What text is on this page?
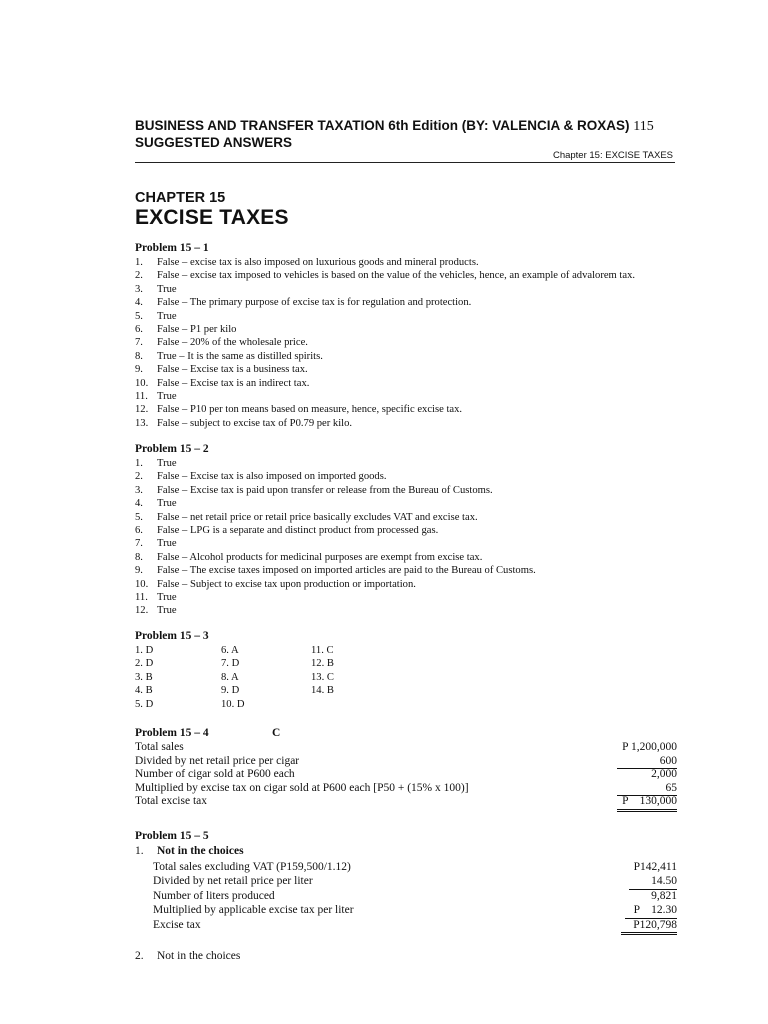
BUSINESS AND TRANSFER TAXATION 6th Edition (BY: VALENCIA & ROXAS) 115
SUGGESTED ANSWERS
Chapter 15: EXCISE TAXES
CHAPTER 15
EXCISE TAXES
Problem 15 – 1
1. False – excise tax is also imposed on luxurious goods and mineral products.
2. False – excise tax imposed to vehicles is based on the value of the vehicles, hence, an example of advalorem tax.
3. True
4. False – The primary purpose of excise tax is for regulation and protection.
5. True
6. False – P1 per kilo
7. False – 20% of the wholesale price.
8. True – It is the same as distilled spirits.
9. False – Excise tax is a business tax.
10. False – Excise tax is an indirect tax.
11. True
12. False – P10 per ton means based on measure, hence, specific excise tax.
13. False – subject to excise tax of P0.79 per kilo.
Problem 15 – 2
1. True
2. False – Excise tax is also imposed on imported goods.
3. False – Excise tax is paid upon transfer or release from the Bureau of Customs.
4. True
5. False – net retail price or retail price basically excludes VAT and excise tax.
6. False – LPG is a separate and distinct product from processed gas.
7. True
8. False – Alcohol products for medicinal purposes are exempt from excise tax.
9. False – The excise taxes imposed on imported articles are paid to the Bureau of Customs.
10. False – Subject to excise tax upon production or importation.
11. True
12. True
Problem 15 – 3
1. D
2. D
3. B
4. B
5. D
6. A
7. D
8. A
9. D
10. D
11. C
12. B
13. C
14. B
Problem 15 – 4	C
Total sales	P 1,200,000
Divided by net retail price per cigar	600
Number of cigar sold at P600 each	2,000
Multiplied by excise tax on cigar sold at P600 each [P50 + (15% x 100)]	65
Total excise tax	P    130,000
Problem 15 – 5
1. Not in the choices
Total sales excluding VAT (P159,500/1.12)	P142,411
Divided by net retail price per liter	14.50
Number of liters produced	9,821
Multiplied by applicable excise tax per liter	P    12.30
Excise tax	P120,798
2. Not in the choices
